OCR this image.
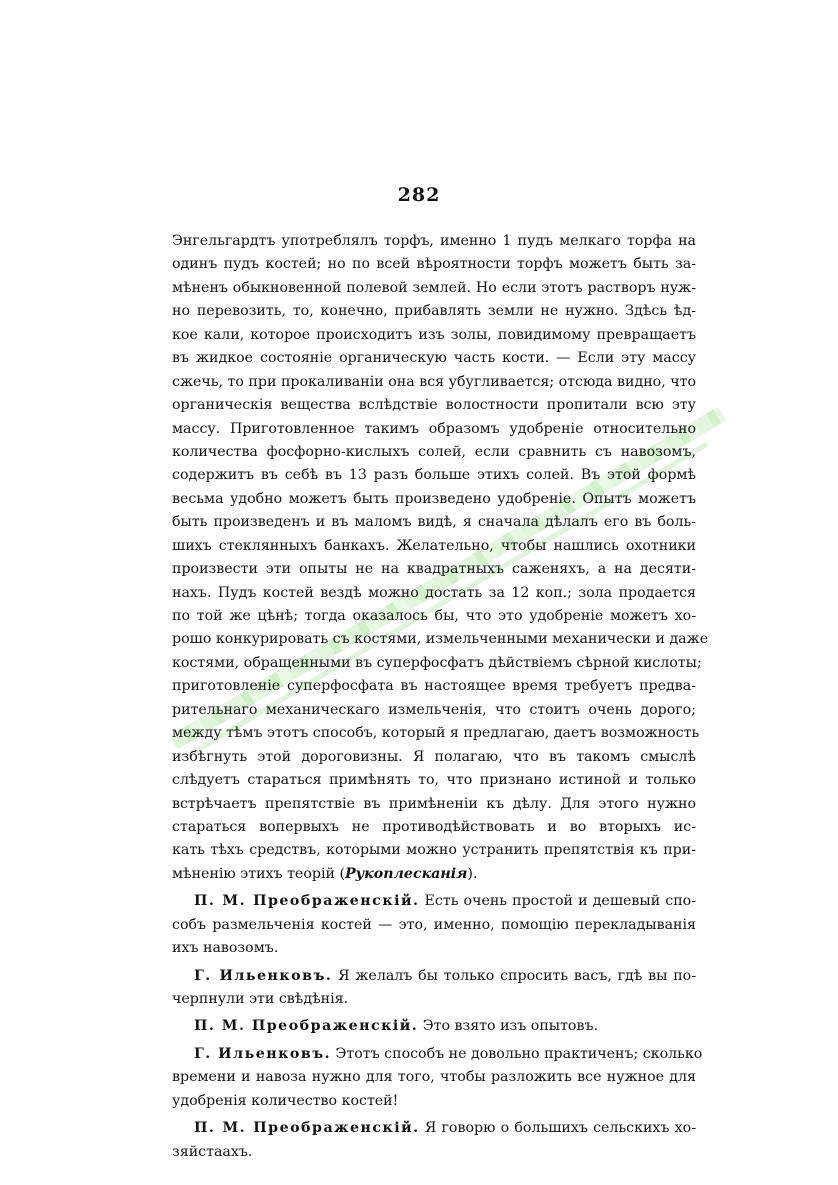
282
Энгельгардтъ употреблялъ торфъ, именно 1 пудъ мелкаго торфа на
одинъ пудъ костей; но по всей вѣроятности торфъ можетъ быть за-
мѣненъ обыкновенной полевой землей. Но если этотъ растворъ нуж-
но перевозить, то, конечно, прибавлять земли не нужно. Здѣсь ѣд-
кое кали, которое происходитъ изъ золы, повидимому превращаетъ
въ жидкое состояніе органическую часть кости. — Если эту массу
сжечь, то при прокаливаніи она вся убугливается; отсюда видно, что
органическія вещества вслѣдствіе волостности пропитали всю эту
массу. Приготовленное такимъ образомъ удобреніе относительно
количества фосфорно-кислыхъ солей, если сравнить съ навозомъ,
содержитъ въ себѣ въ 13 разъ больше этихъ солей. Въ этой формѣ
весьма удобно можетъ быть произведено удобреніе. Опытъ можетъ
быть произведенъ и въ маломъ видѣ, я сначала дѣлалъ его въ боль-
шихъ стеклянныхъ банкахъ. Желательно, чтобы нашлись охотники
произвести эти опыты не на квадратныхъ саженяхъ, а на десяти-
нахъ. Пудъ костей вездѣ можно достать за 12 коп.; зола продается
по той же цѣнѣ; тогда оказалось бы, что это удобреніе можетъ хо-
рошо конкурировать съ костями, измельченными механически и даже
костями, обращенными въ суперфосфатъ дѣйствіемъ сѣрной кислоты;
приготовленіе суперфосфата въ настоящее время требуетъ предва-
рительнаго механическаго измельченія, что стоитъ очень дорого;
между тѣмъ этотъ способъ, который я предлагаю, даетъ возможность
избѣгнуть этой дороговизны. Я полагаю, что въ такомъ смыслѣ
слѣдуетъ стараться примѣнять то, что признано истиной и только
встрѣчаетъ препятствіе въ примѣненіи къ дѣлу. Для этого нужно
стараться вопервыхъ не противодѣйствовать и во вторыхъ ис-
кать тѣхъ средствъ, которыми можно устранить препятствія къ при-
мѣненію этихъ теорій (Рукоплесканія).
П. М. Преображенскій. Есть очень простой и дешевый спо-
собъ размельченія костей — это, именно, помощію перекладыванія
ихъ навозомъ.
Г. Ильенковъ. Я желалъ бы только спросить васъ, гдѣ вы по-
черпнули эти свѣдѣнія.
П. М. Преображенскій. Это взято изъ опытовъ.
Г. Ильенковъ. Этотъ способъ не довольно практиченъ; сколько
времени и навоза нужно для того, чтобы разложить все нужное для
удобренія количество костей!
П. М. Преображенскій. Я говорю о большихъ сельскихъ хо-
зяйстаахъ.
